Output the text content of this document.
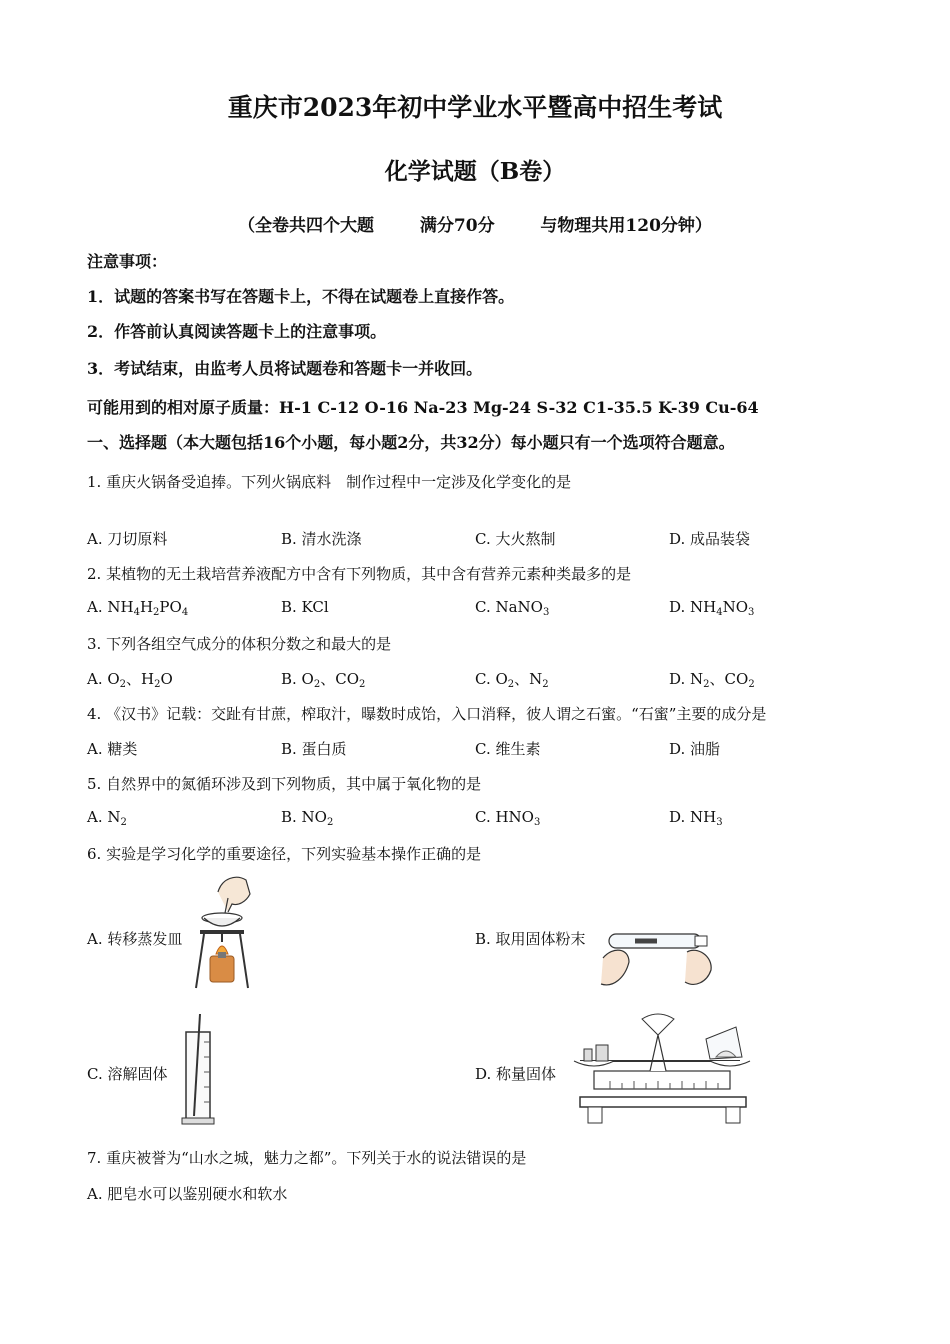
重庆市2023年初中学业水平暨高中招生考试
化学试题（B卷）
（全卷共四个大题	满分70分	与物理共用120分钟）
注意事项：
1．试题的答案书写在答题卡上，不得在试题卷上直接作答。
2．作答前认真阅读答题卡上的注意事项。
3．考试结束，由监考人员将试题卷和答题卡一并收回。
可能用到的相对原子质量：H-1 C-12 O-16 Na-23 Mg-24 S-32 C1-35.5 K-39 Cu-64
一、选择题（本大题包括16个小题，每小题2分，共32分）每小题只有一个选项符合题意。
1. 重庆火锅备受追捧。下列火锅底料　制作过程中一定涉及化学变化的是
A. 刀切原料	B. 清水洗涤	C. 大火熬制	D. 成品装袋
2. 某植物的无土栽培营养液配方中含有下列物质，其中含有营养元素种类最多的是
A. $NH_4H_2PO_4$	B. KCl	C. NaNO$_3$	D. $NH_4NO_3$
3. 下列各组空气成分的体积分数之和最大的是
A. $O_2$、$H_2O$	B. $O_2$、$CO_2$	C. $O_2$、$N_2$	D. $N_2$、$CO_2$
4. 《汉书》记载：交趾有甘蔗，榨取汁，曝数时成饴，入口消释，彼人谓之石蜜。“石蜜”主要的成分是
A. 糖类	B. 蛋白质	C. 维生素	D. 油脂
5. 自然界中的氮循环涉及到下列物质，其中属于氧化物的是
A. $N_2$	B. $NO_2$	C. $HNO_3$	D. $NH_3$
6. 实验是学习化学的重要途径，下列实验基本操作正确的是
A. 转移蒸发皿	B. 取用固体粉末
C. 溶解固体	D. 称量固体
7. 重庆被誉为“山水之城，魅力之都”。下列关于水的说法错误的是
A. 肥皂水可以鉴别硬水和软水
